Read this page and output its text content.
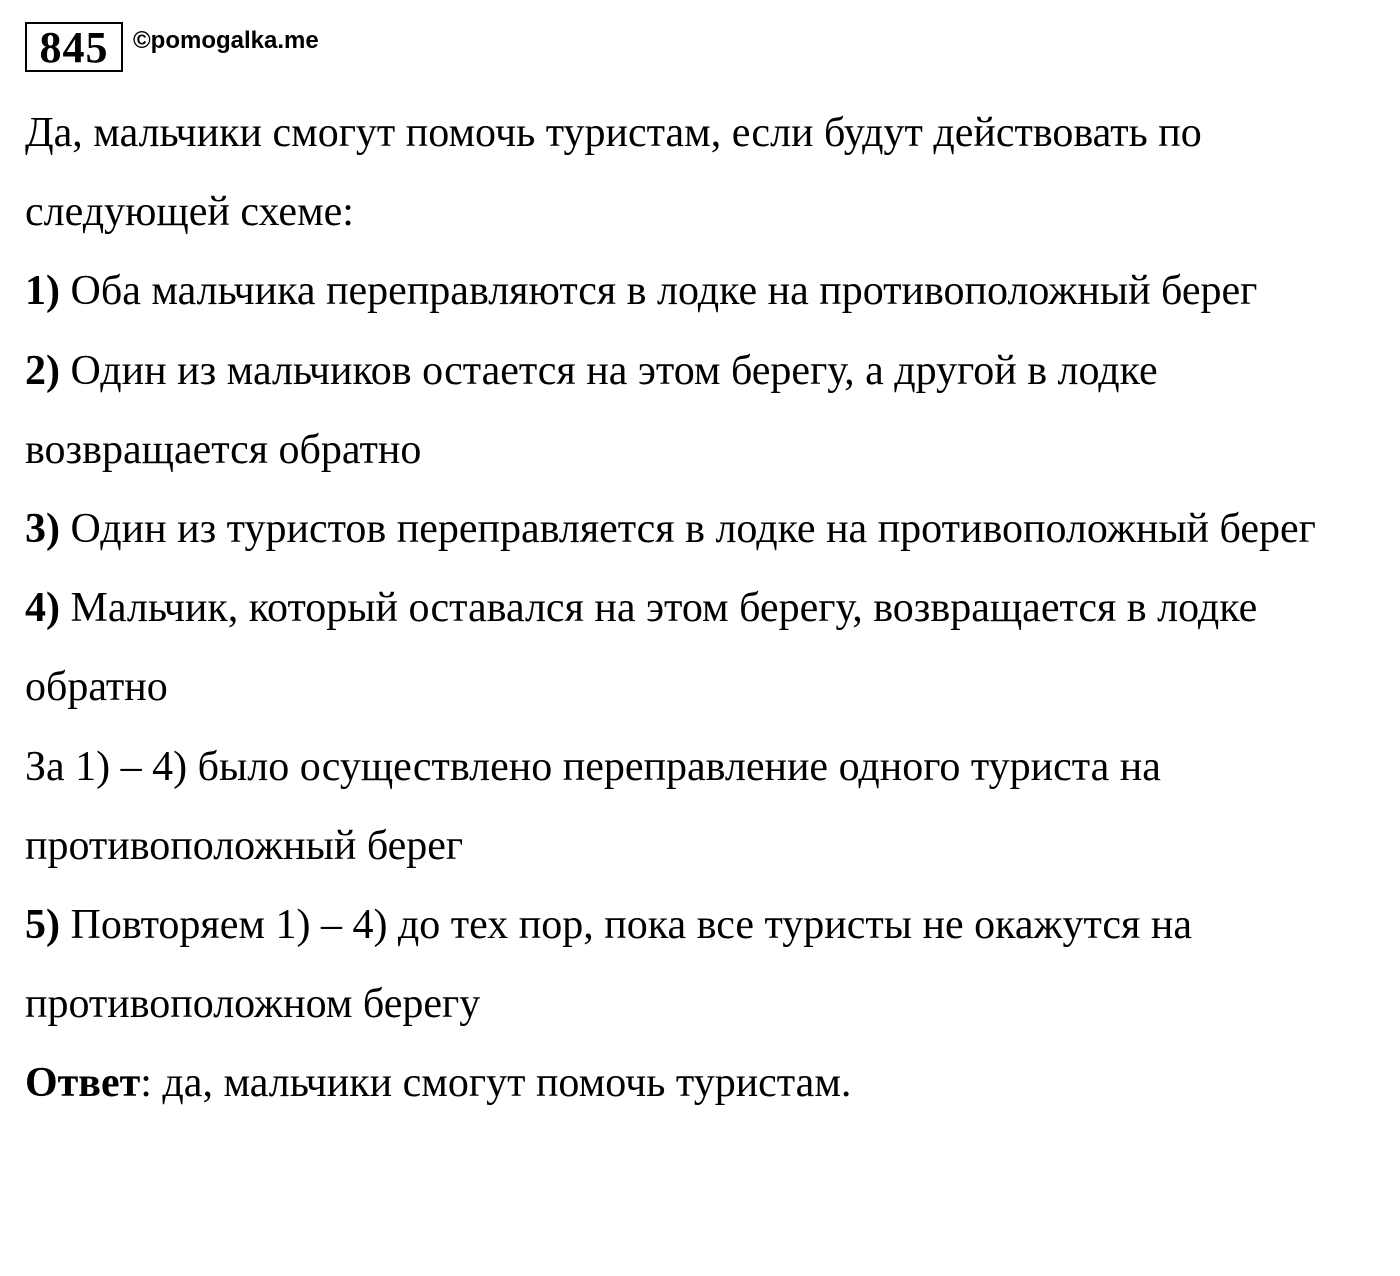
845	©pomogalka.me

Да, мальчики смогут помочь туристам, если будут действовать по следующей схеме:

1) Оба мальчика переправляются в лодке на противоположный берег

2) Один из мальчиков остается на этом берегу, а другой в лодке возвращается обратно

3) Один из туристов переправляется в лодке на противоположный берег

4) Мальчик, который оставался на этом берегу, возвращается в лодке обратно

За 1) – 4) было осуществлено переправление одного туриста на противоположный берег

5) Повторяем 1) – 4) до тех пор, пока все туристы не окажутся на противоположном берегу

Ответ: да, мальчики смогут помочь туристам.
